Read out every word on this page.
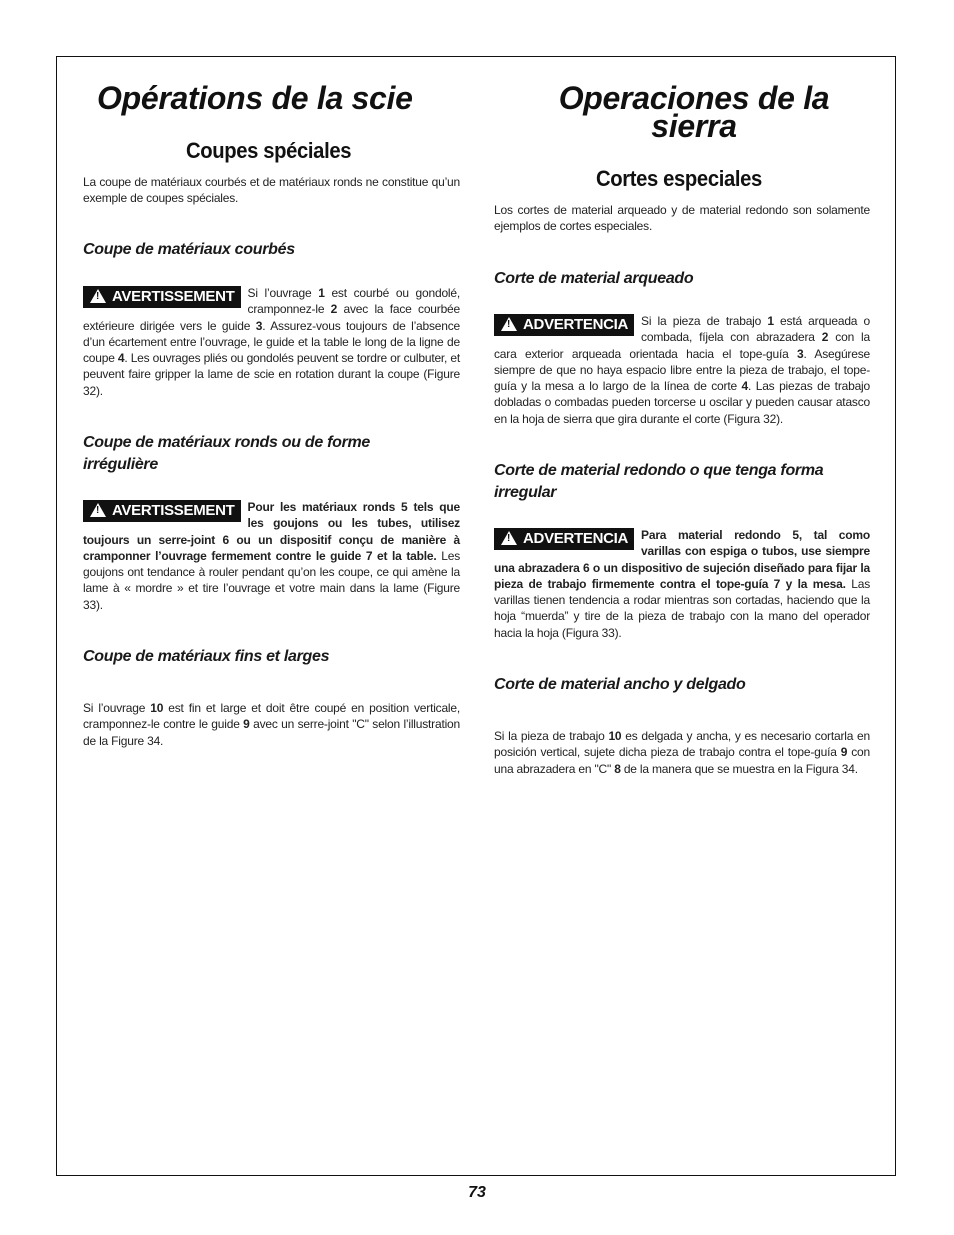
Opérations de la scie
Coupes spéciales

La coupe de matériaux courbés et de matériaux ronds ne constitue qu’un exemple de coupes spéciales.

Coupe de matériaux courbés

!AVERTISSEMENT	Si l’ouvrage 1 est courbé ou gondolé, cramponnez-le 2 avec la face courbée extérieure dirigée vers le guide 3. Assurez-vous toujours de l’absence d’un écartement entre l’ouvrage, le guide et la table le long de la ligne de coupe 4. Les ouvrages pliés ou gondolés peuvent se tordre or culbuter, et peuvent faire gripper la lame de scie en rotation durant la coupe (Figure 32).

Coupe de matériaux ronds ou de forme irrégulière

!AVERTISSEMENT	Pour les matériaux ronds 5 tels que les goujons ou les tubes, utilisez toujours un serre-joint 6 ou un dispositif conçu de manière à cramponner l’ouvrage fermement contre le guide 7 et la table. Les goujons ont tendance à rouler pendant qu’on les coupe, ce qui amène la lame à « mordre » et tire l’ouvrage et votre main dans la lame (Figure 33).

Coupe de matériaux fins et larges

Si l’ouvrage 10 est fin et large et doit être coupé en position verticale, cramponnez-le contre le guide 9 avec un serre-joint "C" selon l’illustration de la Figure 34.

Operaciones de la sierra
Cortes especiales

Los cortes de material arqueado y de material redondo son solamente ejemplos de cortes especiales.

Corte de material arqueado

!ADVERTENCIA	Si la pieza de trabajo 1 está arqueada o combada, fíjela con abrazadera 2 con la cara exterior arqueada orientada hacia el tope-guía 3. Asegúrese siempre de que no haya espacio libre entre la pieza de trabajo, el tope-guía y la mesa a lo largo de la línea de corte 4. Las piezas de trabajo dobladas o combadas pueden torcerse u oscilar y pueden causar atasco en la hoja de sierra que gira durante el corte (Figura 32).

Corte de material redondo o que tenga forma irregular

!ADVERTENCIA	Para material redondo 5, tal como varillas con espiga o tubos, use siempre una abrazadera 6 o un dispositivo de sujeción diseñado para fijar la pieza de trabajo firmemente contra el tope-guía 7 y la mesa. Las varillas tienen tendencia a rodar mientras son cortadas, haciendo que la hoja “muerda” y tire de la pieza de trabajo con la mano del operador hacia la hoja (Figura 33).

Corte de material ancho y delgado

Si la pieza de trabajo 10 es delgada y ancha, y es necesario cortarla en posición vertical, sujete dicha pieza de trabajo contra el tope-guía 9 con una abrazadera en "C" 8 de la manera que se muestra en la Figura 34.

73
